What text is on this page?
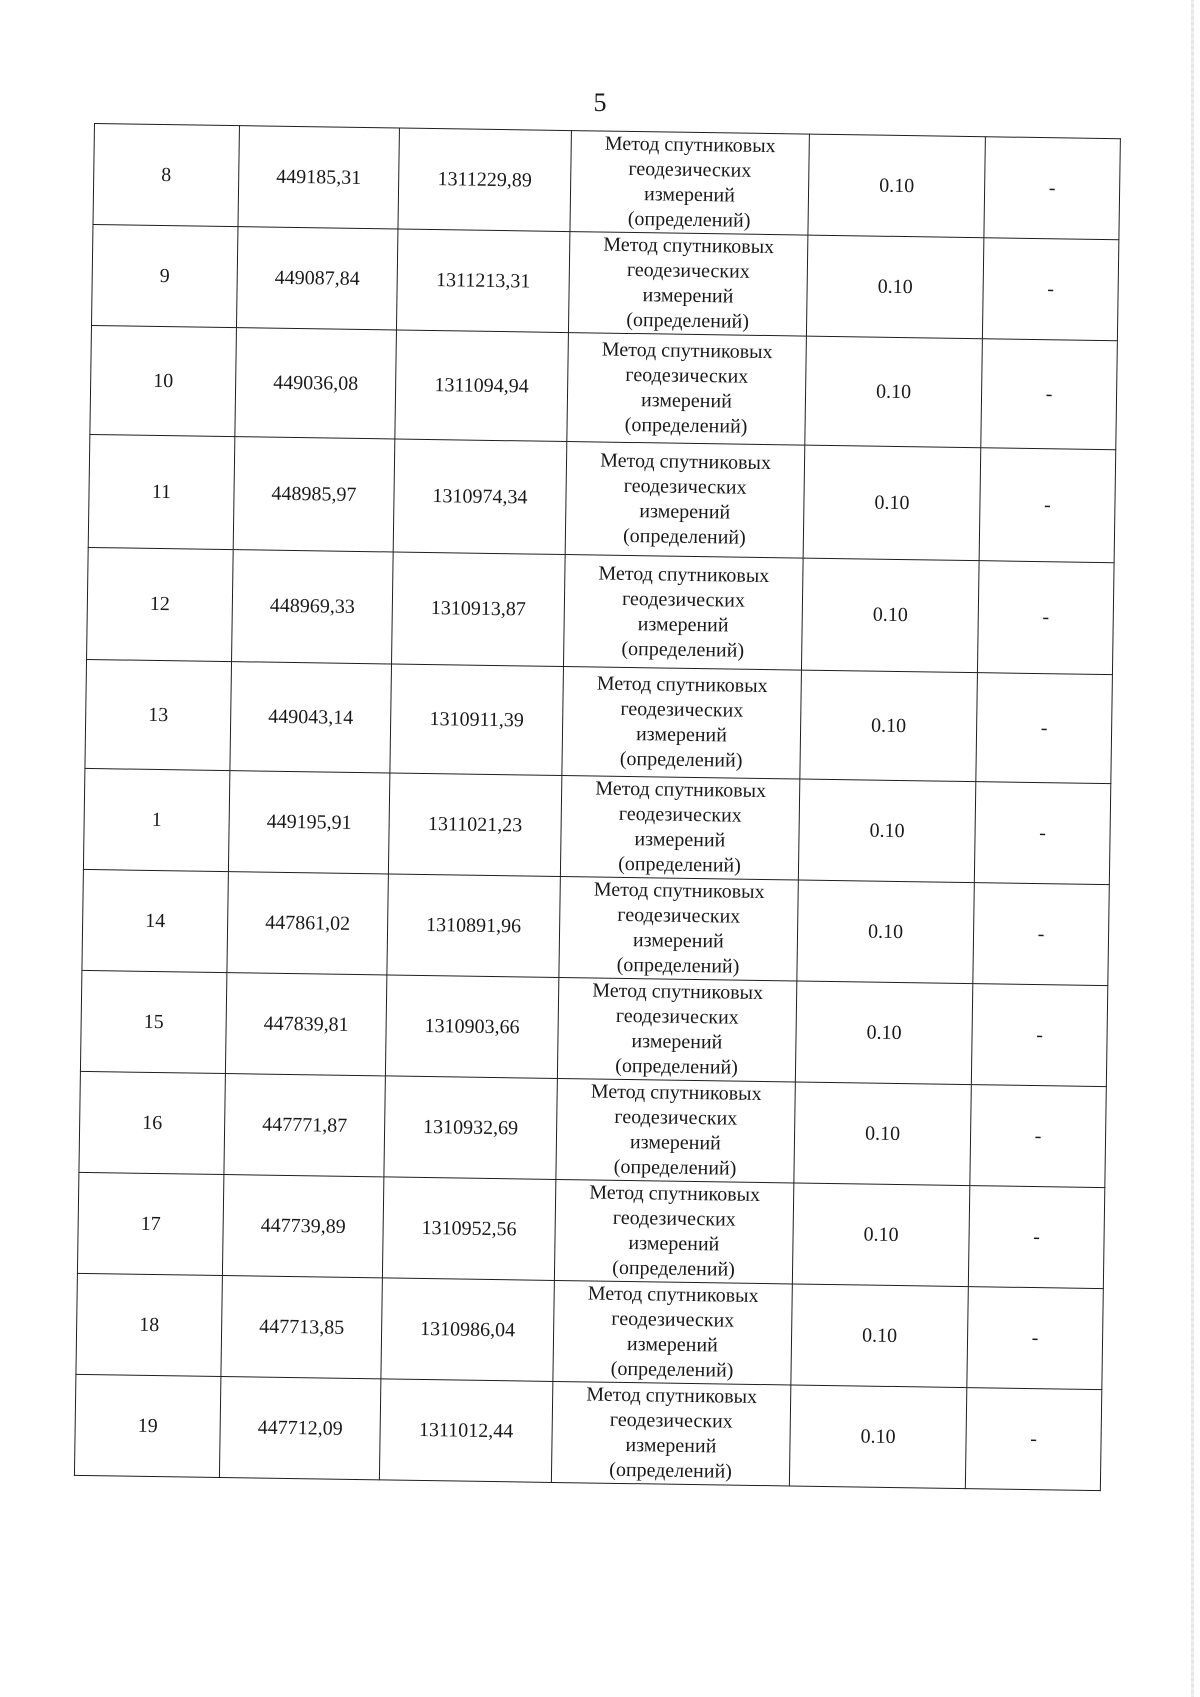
5
8	449185,31	1311229,89	Метод спутниковых
геодезических
измерений
(определений)	0.10	-
9	449087,84	1311213,31	Метод спутниковых
геодезических
измерений
(определений)	0.10	-
10	449036,08	1311094,94	Метод спутниковых
геодезических
измерений
(определений)	0.10	-
11	448985,97	1310974,34	Метод спутниковых
геодезических
измерений
(определений)	0.10	-
12	448969,33	1310913,87	Метод спутниковых
геодезических
измерений
(определений)	0.10	-
13	449043,14	1310911,39	Метод спутниковых
геодезических
измерений
(определений)	0.10	-
1	449195,91	1311021,23	Метод спутниковых
геодезических
измерений
(определений)	0.10	-
14	447861,02	1310891,96	Метод спутниковых
геодезических
измерений
(определений)	0.10	-
15	447839,81	1310903,66	Метод спутниковых
геодезических
измерений
(определений)	0.10	-
16	447771,87	1310932,69	Метод спутниковых
геодезических
измерений
(определений)	0.10	-
17	447739,89	1310952,56	Метод спутниковых
геодезических
измерений
(определений)	0.10	-
18	447713,85	1310986,04	Метод спутниковых
геодезических
измерений
(определений)	0.10	-
19	447712,09	1311012,44	Метод спутниковых
геодезических
измерений
(определений)	0.10	-
